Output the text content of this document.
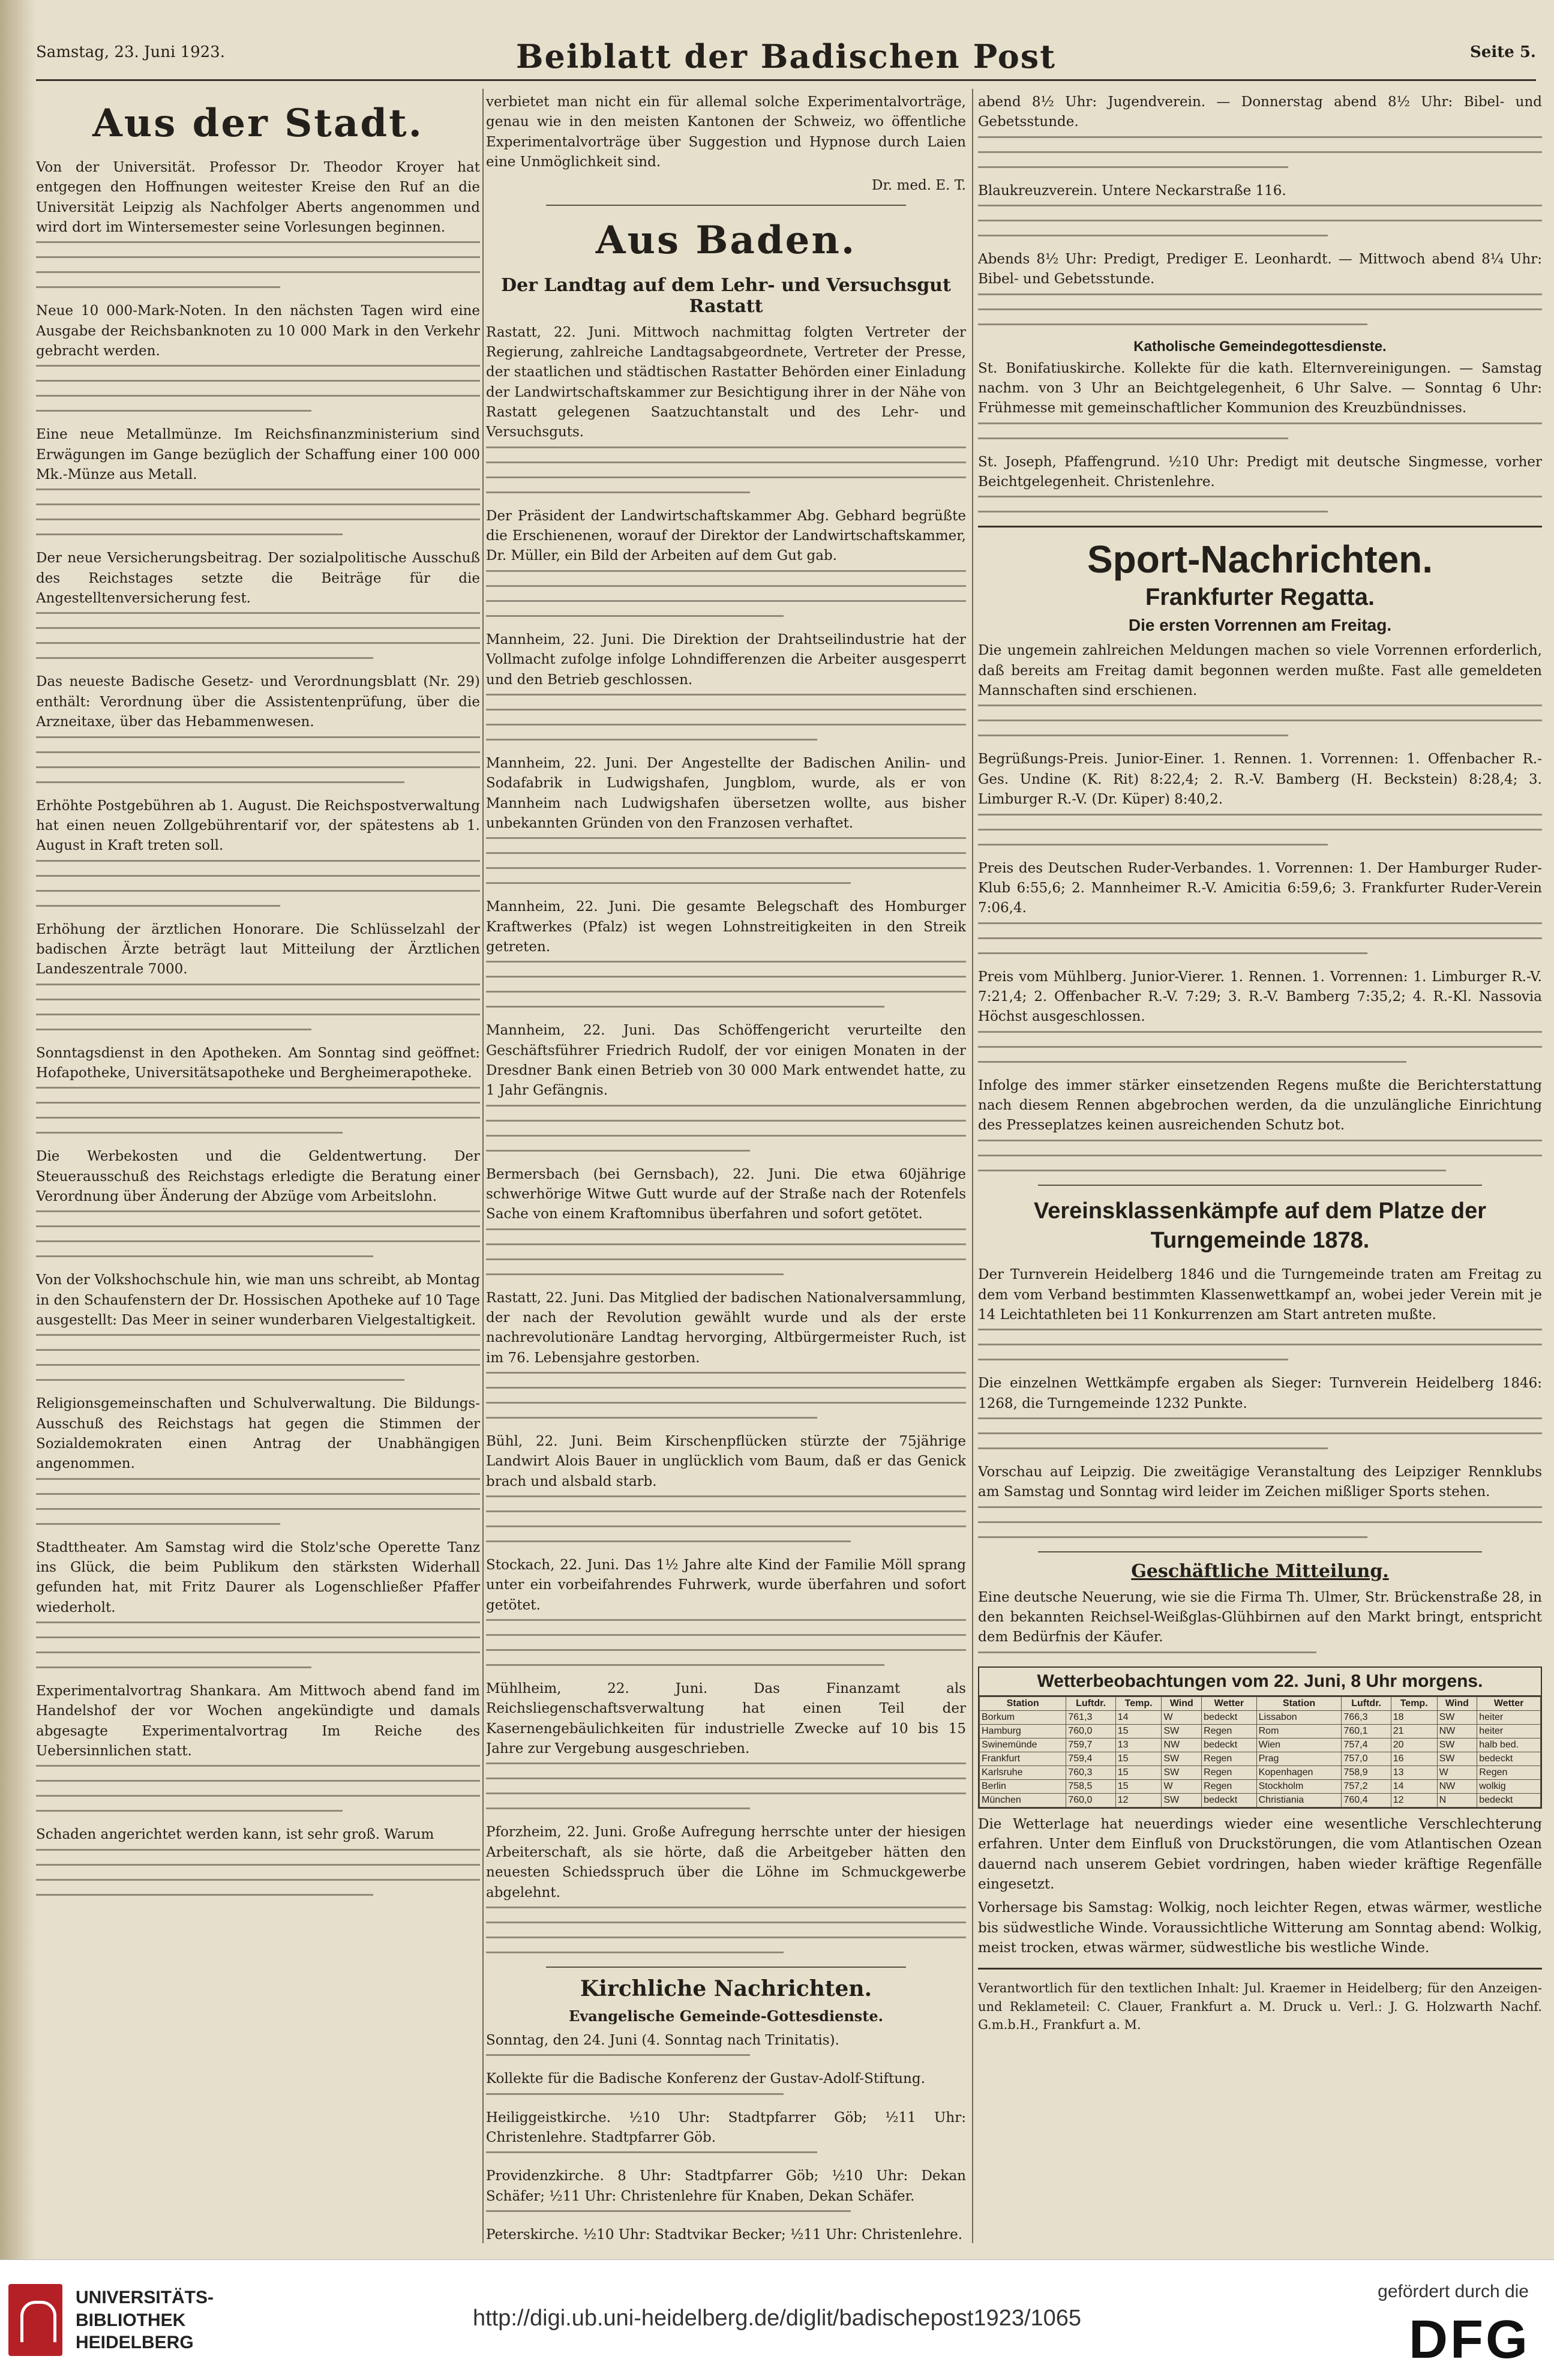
Samstag, 23. Juni 1923.	Beiblatt der Badischen Post	Seite 5.
Aus der Stadt.
Von der Universität. Professor Dr. Theodor Kroyer hat entgegen den Hoffnungen weitester Kreise den Ruf an die Universität Leipzig als Nachfolger Aberts angenommen und wird dort im Wintersemester seine Vorlesungen beginnen.
Neue 10 000-Mark-Noten. In den nächsten Tagen wird eine Ausgabe der Reichsbanknoten zu 10 000 Mark in den Verkehr gebracht werden.
Eine neue Metallmünze. Im Reichsfinanzministerium sind Erwägungen im Gange bezüglich der Schaffung einer 100 000 Mk.-Münze aus Metall.
Der neue Versicherungsbeitrag. Der sozialpolitische Ausschuß des Reichstages setzte die Beiträge für die Angestelltenversicherung fest.
Das neueste Badische Gesetz- und Verordnungsblatt (Nr. 29) enthält: Verordnung über die Assistentenprüfung, über die Arzneitaxe, über das Hebammenwesen.
Erhöhte Postgebühren ab 1. August. Die Reichspostverwaltung hat einen neuen Zollgebührentarif vor, der spätestens ab 1. August in Kraft treten soll.
Erhöhung der ärztlichen Honorare. Die Schlüsselzahl der badischen Ärzte beträgt laut Mitteilung der Ärztlichen Landeszentrale 7000.
Sonntagsdienst in den Apotheken. Am Sonntag sind geöffnet: Hofapotheke, Universitätsapotheke und Bergheimerapotheke.
Die Werbekosten und die Geldentwertung. Der Steuerausschuß des Reichstags erledigte die Beratung einer Verordnung über Änderung der Abzüge vom Arbeitslohn.
Von der Volkshochschule hin, wie man uns schreibt, ab Montag in den Schaufenstern der Dr. Hossischen Apotheke auf 10 Tage ausgestellt: Das Meer in seiner wunderbaren Vielgestaltigkeit.
Religionsgemeinschaften und Schulverwaltung. Die Bildungs-Ausschuß des Reichstags hat gegen die Stimmen der Sozialdemokraten einen Antrag der Unabhängigen angenommen.
Stadttheater. Am Samstag wird die Stolz'sche Operette Tanz ins Glück, die beim Publikum den stärksten Widerhall gefunden hat, mit Fritz Daurer als Logenschließer Pfaffer wiederholt.
Experimentalvortrag Shankara. Am Mittwoch abend fand im Handelshof der vor Wochen angekündigte und damals abgesagte Experimentalvortrag Im Reiche des Uebersinnlichen statt.
Schaden angerichtet werden kann, ist sehr groß. Warum
verbietet man nicht ein für allemal solche Experimentalvorträge, genau wie in den meisten Kantonen der Schweiz, wo öffentliche Experimentalvorträge über Suggestion und Hypnose durch Laien eine Unmöglichkeit sind.
Dr. med. E. T.
Aus Baden.
Der Landtag auf dem Lehr- und Versuchsgut Rastatt
Rastatt, 22. Juni. Mittwoch nachmittag folgten Vertreter der Regierung, zahlreiche Landtagsabgeordnete, Vertreter der Presse, der staatlichen und städtischen Rastatter Behörden einer Einladung der Landwirtschaftskammer zur Besichtigung ihrer in der Nähe von Rastatt gelegenen Saatzuchtanstalt und des Lehr- und Versuchsguts.
Der Präsident der Landwirtschaftskammer Abg. Gebhard begrüßte die Erschienenen, worauf der Direktor der Landwirtschaftskammer, Dr. Müller, ein Bild der Arbeiten auf dem Gut gab.
Mannheim, 22. Juni. Die Direktion der Drahtseilindustrie hat der Vollmacht zufolge infolge Lohndifferenzen die Arbeiter ausgesperrt und den Betrieb geschlossen.
Mannheim, 22. Juni. Der Angestellte der Badischen Anilin- und Sodafabrik in Ludwigshafen, Jungblom, wurde, als er von Mannheim nach Ludwigshafen übersetzen wollte, aus bisher unbekannten Gründen von den Franzosen verhaftet.
Mannheim, 22. Juni. Die gesamte Belegschaft des Homburger Kraftwerkes (Pfalz) ist wegen Lohnstreitigkeiten in den Streik getreten.
Mannheim, 22. Juni. Das Schöffengericht verurteilte den Geschäftsführer Friedrich Rudolf, der vor einigen Monaten in der Dresdner Bank einen Betrieb von 30 000 Mark entwendet hatte, zu 1 Jahr Gefängnis.
Bermersbach (bei Gernsbach), 22. Juni. Die etwa 60jährige schwerhörige Witwe Gutt wurde auf der Straße nach der Rotenfels Sache von einem Kraftomnibus überfahren und sofort getötet.
Rastatt, 22. Juni. Das Mitglied der badischen Nationalversammlung, der nach der Revolution gewählt wurde und als der erste nachrevolutionäre Landtag hervorging, Altbürgermeister Ruch, ist im 76. Lebensjahre gestorben.
Bühl, 22. Juni. Beim Kirschenpflücken stürzte der 75jährige Landwirt Alois Bauer in unglücklich vom Baum, daß er das Genick brach und alsbald starb.
Stockach, 22. Juni. Das 1½ Jahre alte Kind der Familie Möll sprang unter ein vorbeifahrendes Fuhrwerk, wurde überfahren und sofort getötet.
Mühlheim, 22. Juni. Das Finanzamt als Reichsliegenschaftsverwaltung hat einen Teil der Kasernengebäulichkeiten für industrielle Zwecke auf 10 bis 15 Jahre zur Vergebung ausgeschrieben.
Pforzheim, 22. Juni. Große Aufregung herrschte unter der hiesigen Arbeiterschaft, als sie hörte, daß die Arbeitgeber hätten den neuesten Schiedsspruch über die Löhne im Schmuckgewerbe abgelehnt.
Kirchliche Nachrichten.
Evangelische Gemeinde-Gottesdienste.
Sonntag, den 24. Juni (4. Sonntag nach Trinitatis).
Kollekte für die Badische Konferenz der Gustav-Adolf-Stiftung.
Heiliggeistkirche. ½10 Uhr: Stadtpfarrer Göb; ½11 Uhr: Christenlehre. Stadtpfarrer Göb.
Providenzkirche. 8 Uhr: Stadtpfarrer Göb; ½10 Uhr: Dekan Schäfer; ½11 Uhr: Christenlehre für Knaben, Dekan Schäfer.
Peterskirche. ½10 Uhr: Stadtvikar Becker; ½11 Uhr: Christenlehre.
abend 8½ Uhr: Jugendverein. — Donnerstag abend 8½ Uhr: Bibel- und Gebetsstunde.
Blaukreuzverein. Untere Neckarstraße 116.
Abends 8½ Uhr: Predigt, Prediger E. Leonhardt. — Mittwoch abend 8¼ Uhr: Bibel- und Gebetsstunde.
Katholische Gemeindegottesdienste.
St. Bonifatiuskirche. Kollekte für die kath. Elternvereinigungen. — Samstag nachm. von 3 Uhr an Beichtgelegenheit, 6 Uhr Salve. — Sonntag 6 Uhr: Frühmesse mit gemeinschaftlicher Kommunion des Kreuzbündnisses.
St. Joseph, Pfaffengrund. ½10 Uhr: Predigt mit deutsche Singmesse, vorher Beichtgelegenheit. Christenlehre.
Sport-Nachrichten.
Frankfurter Regatta.
Die ersten Vorrennen am Freitag.
Die ungemein zahlreichen Meldungen machen so viele Vorrennen erforderlich, daß bereits am Freitag damit begonnen werden mußte. Fast alle gemeldeten Mannschaften sind erschienen.
Begrüßungs-Preis. Junior-Einer. 1. Rennen. 1. Vorrennen: 1. Offenbacher R.-Ges. Undine (K. Rit) 8:22,4; 2. R.-V. Bamberg (H. Beckstein) 8:28,4; 3. Limburger R.-V. (Dr. Küper) 8:40,2.
Preis des Deutschen Ruder-Verbandes. 1. Vorrennen: 1. Der Hamburger Ruder-Klub 6:55,6; 2. Mannheimer R.-V. Amicitia 6:59,6; 3. Frankfurter Ruder-Verein 7:06,4.
Preis vom Mühlberg. Junior-Vierer. 1. Rennen. 1. Vorrennen: 1. Limburger R.-V. 7:21,4; 2. Offenbacher R.-V. 7:29; 3. R.-V. Bamberg 7:35,2; 4. R.-Kl. Nassovia Höchst ausgeschlossen.
Infolge des immer stärker einsetzenden Regens mußte die Berichterstattung nach diesem Rennen abgebrochen werden, da die unzulängliche Einrichtung des Presseplatzes keinen ausreichenden Schutz bot.
Vereinsklassenkämpfe auf dem Platze der
Turngemeinde 1878.
Der Turnverein Heidelberg 1846 und die Turngemeinde traten am Freitag zu dem vom Verband bestimmten Klassenwettkampf an, wobei jeder Verein mit je 14 Leichtathleten bei 11 Konkurrenzen am Start antreten mußte.
Die einzelnen Wettkämpfe ergaben als Sieger: Turnverein Heidelberg 1846: 1268, die Turngemeinde 1232 Punkte.
Vorschau auf Leipzig. Die zweitägige Veranstaltung des Leipziger Rennklubs am Samstag und Sonntag wird leider im Zeichen mißliger Sports stehen.
Geschäftliche Mitteilung.
Eine deutsche Neuerung, wie sie die Firma Th. Ulmer, Str. Brückenstraße 28, in den bekannten Reichsel-Weißglas-Glühbirnen auf den Markt bringt, entspricht dem Bedürfnis der Käufer.
Wetterbeobachtungen vom 22. Juni, 8 Uhr morgens.
Station	Luftdr.	Temp.	Wind	Wetter	Station	Luftdr.	Temp.	Wind	Wetter
Borkum	761,3	14	W	bedeckt	Lissabon	766,3	18	SW	heiter
Hamburg	760,0	15	SW	Regen	Rom	760,1	21	NW	heiter
Swinemünde	759,7	13	NW	bedeckt	Wien	757,4	20	SW	halb bed.
Frankfurt	759,4	15	SW	Regen	Prag	757,0	16	SW	bedeckt
Karlsruhe	760,3	15	SW	Regen	Kopenhagen	758,9	13	W	Regen
Berlin	758,5	15	W	Regen	Stockholm	757,2	14	NW	wolkig
München	760,0	12	SW	bedeckt	Christiania	760,4	12	N	bedeckt
Die Wetterlage hat neuerdings wieder eine wesentliche Verschlechterung erfahren. Unter dem Einfluß von Druckstörungen, die vom Atlantischen Ozean dauernd nach unserem Gebiet vordringen, haben wieder kräftige Regenfälle eingesetzt.
Vorhersage bis Samstag: Wolkig, noch leichter Regen, etwas wärmer, westliche bis südwestliche Winde. Voraussichtliche Witterung am Sonntag abend: Wolkig, meist trocken, etwas wärmer, südwestliche bis westliche Winde.
Verantwortlich für den textlichen Inhalt: Jul. Kraemer in Heidelberg; für den Anzeigen- und Reklameteil: C. Clauer, Frankfurt a. M. Druck u. Verl.: J. G. Holzwarth Nachf. G.m.b.H., Frankfurt a. M.
UNIVERSITÄTS-
BIBLIOTHEK
HEIDELBERG
http://digi.ub.uni-heidelberg.de/diglit/badischepost1923/1065
gefördert durch die
DFG
